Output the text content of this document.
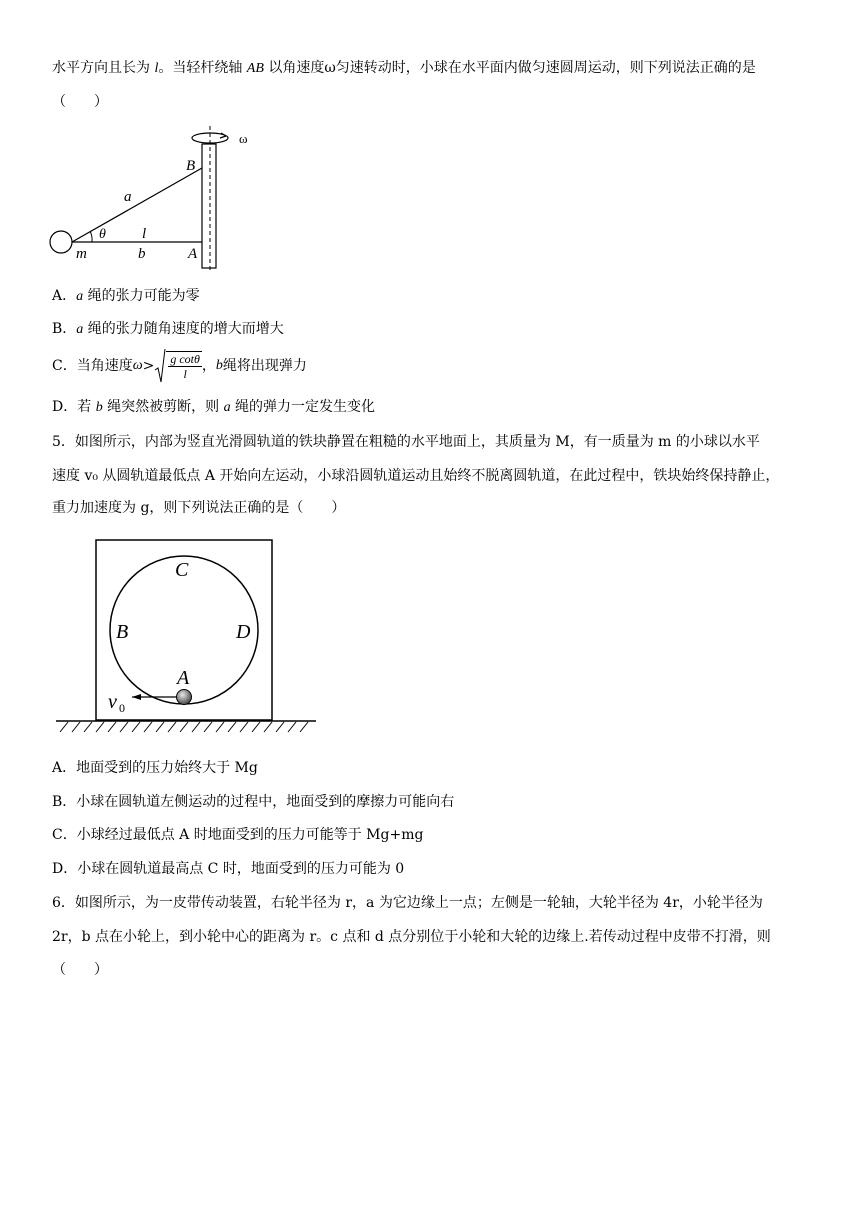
水平方向且长为 l。当轻杆绕轴 AB 以角速度ω匀速转动时，小球在水平面内做匀速圆周运动，则下列说法正确的是
（　　）
ω
B
A
a
θ l
b
m
A．a 绳的张力可能为零
B．a 绳的张力随角速度的增大而增大
C．当角速度 $\omega > \frac{\text{g cotθ}}{l}$ ， b 绳将出现弹力
D．若 b 绳突然被剪断，则 a 绳的弹力一定发生变化
5．如图所示，内部为竖直光滑圆轨道的铁块静置在粗糙的水平地面上，其质量为 M，有一质量为 m 的小球以水平
速度 v₀ 从圆轨道最低点 A 开始向左运动，小球沿圆轨道运动且始终不脱离圆轨道，在此过程中，铁块始终保持静止，
重力加速度为 g，则下列说法正确的是（　　）
C
B	D
A
v 0
A．地面受到的压力始终大于 Mg
B．小球在圆轨道左侧运动的过程中，地面受到的摩擦力可能向右
C．小球经过最低点 A 时地面受到的压力可能等于 Mg+mg
D．小球在圆轨道最高点 C 时，地面受到的压力可能为 0
6．如图所示，为一皮带传动装置，右轮半径为 r，a 为它边缘上一点；左侧是一轮轴，大轮半径为 4r，小轮半径为
2r，b 点在小轮上，到小轮中心的距离为 r。c 点和 d 点分别位于小轮和大轮的边缘上.若传动过程中皮带不打滑，则
（　　）
